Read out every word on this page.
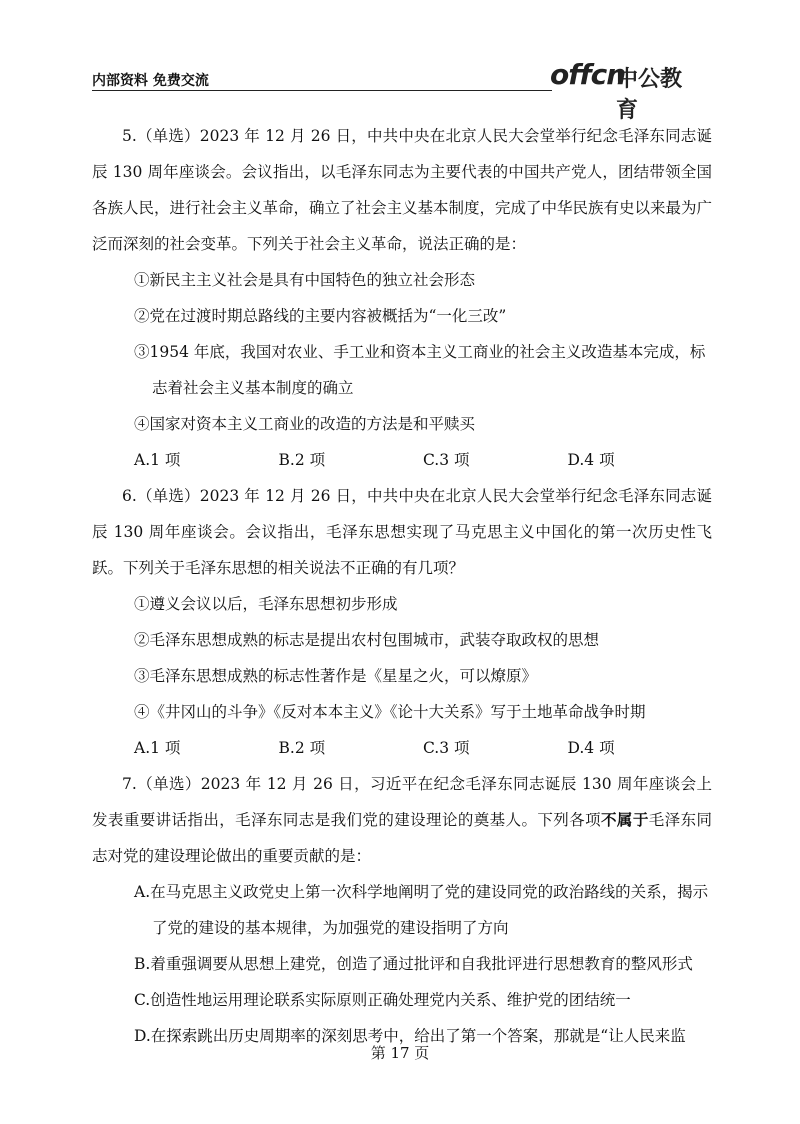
内部资料 免费交流	offcn
中公教育

5.（单选）2023 年 12 月 26 日，中共中央在北京人民大会堂举行纪念毛泽东同志诞辰 130 周年座谈会。会议指出，以毛泽东同志为主要代表的中国共产党人，团结带领全国各族人民，进行社会主义革命，确立了社会主义基本制度，完成了中华民族有史以来最为广泛而深刻的社会变革。下列关于社会主义革命，说法正确的是：

①新民主主义社会是具有中国特色的独立社会形态

②党在过渡时期总路线的主要内容被概括为“一化三改”

③1954 年底，我国对农业、手工业和资本主义工商业的社会主义改造基本完成，标志着社会主义基本制度的确立

④国家对资本主义工商业的改造的方法是和平赎买

A.1 项	B.2 项	C.3 项	D.4 项

6.（单选）2023 年 12 月 26 日，中共中央在北京人民大会堂举行纪念毛泽东同志诞辰 130 周年座谈会。会议指出，毛泽东思想实现了马克思主义中国化的第一次历史性飞跃。下列关于毛泽东思想的相关说法不正确的有几项？

①遵义会议以后，毛泽东思想初步形成

②毛泽东思想成熟的标志是提出农村包围城市，武装夺取政权的思想

③毛泽东思想成熟的标志性著作是《星星之火，可以燎原》

④《井冈山的斗争》《反对本本主义》《论十大关系》写于土地革命战争时期

A.1 项	B.2 项	C.3 项	D.4 项

7.（单选）2023 年 12 月 26 日，习近平在纪念毛泽东同志诞辰 130 周年座谈会上发表重要讲话指出，毛泽东同志是我们党的建设理论的奠基人。下列各项不属于毛泽东同志对党的建设理论做出的重要贡献的是：

A.在马克思主义政党史上第一次科学地阐明了党的建设同党的政治路线的关系，揭示了党的建设的基本规律，为加强党的建设指明了方向

B.着重强调要从思想上建党，创造了通过批评和自我批评进行思想教育的整风形式

C.创造性地运用理论联系实际原则正确处理党内关系、维护党的团结统一

D.在探索跳出历史周期率的深刻思考中，给出了第一个答案，那就是“让人民来监

第 17 页
